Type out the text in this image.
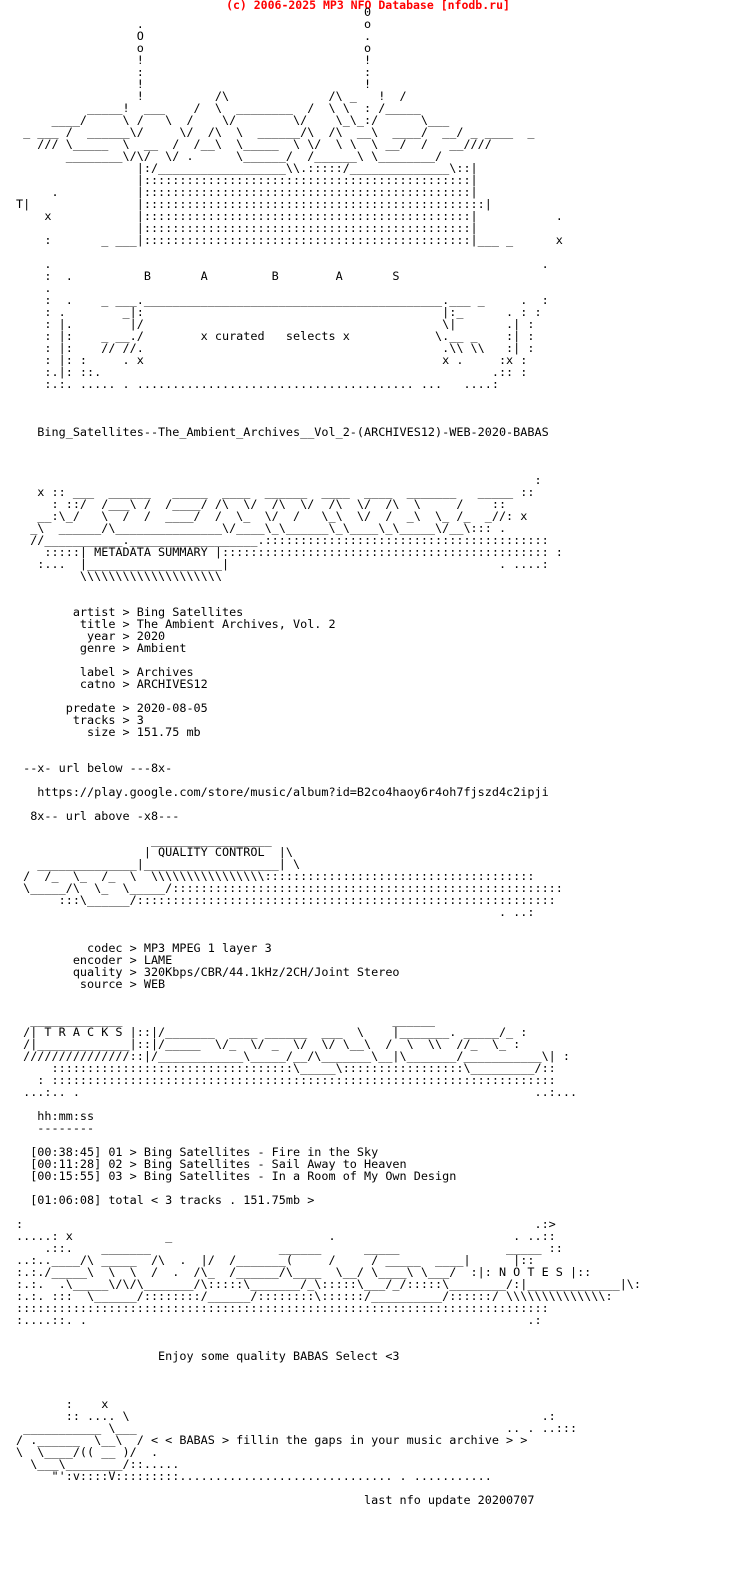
(c) 2006-2025 MP3 NFO Database [nfodb.ru]
0
.                               o
O                               .
o                               o
!                               !
:                               :
!                               !
!          /\              /\ _   !  /
_____!  ___    /  \  ________  /  \ \  : /_____
____/     \ /   \  /    \/        \/    \_\_:/      \___
_ ___ /  ______\/     \/  /\  \  ______/\  /\  __\  ____/  __/ _ ____  _
/// \_____  \  __  /  /__\  \_____  \ \/  \ \  \ __/  /   __////
________\/\/  \/ .      \______/  /______\ \________/
|:/__________________\\.:::::/______________\::|
|::::::::::::::::::::::::::::::::::::::::::::::|
.           |::::::::::::::::::::::::::::::::::::::::::::::|
T|               |::::::::::::::::::::::::::::::::::::::::::::::::|
x            |::::::::::::::::::::::::::::::::::::::::::::::|           .
|::::::::::::::::::::::::::::::::::::::::::::::|
:       _ ___|::::::::::::::::::::::::::::::::::::::::::::::|___ _      x

.                                                                     .
:  .          B       A         B        A       S
.
:  .    _ ___.__________________________________________.___ _     .  :
: .        _|:                                          |:_      . : :
: |.        |/                                          \|       .| :
: |:    _ __./        x curated   selects x            \.__ _    :| :
: |:    // //.                                          .\\ \\   :| :
: |: :     . x                                          x .     :x :
:.|: ::.                                                       .:: :
:.:. ..... . ....................................... ...   ....:

Bing_Satellites--The_Ambient_Archives__Vol_2-(ARCHIVES12)-WEB-2020-BABAS

:
x :: ___  ______   _____  ____  ______  ____  ____  _______   _____ ::
: ::/  /___\ /  /____/ /\  \/  /\  \/  /\  \/  /\  \     /    ::
__:\_/   \  /  /  ____/  /  \_  \/  /   \_\  \/  /  _\  \_ /_  _//: x
_\  ______/\_______________\/____\_\______\_\____\_\_____\/__\::: .
//___________.__________________.::::::::::::::::::::::::::::::::::::::::
:::::| METADATA SUMMARY |:::::::::::::::::::::::::::::::::::::::::::::: :
:...  |___________________|                                      . ....:
\\\\\\\\\\\\\\\\\\\\

artist > Bing Satellites
title > The Ambient Archives, Vol. 2
year > 2020
genre > Ambient

label > Archives
catno > ARCHIVES12

predate > 2020-08-05
tracks > 3
size > 151.75 mb

--x- url below ---8x-

https://play.google.com/store/music/album?id=B2co4haoy6r4oh7fjszd4c2ipji

8x-- url above -x8---

_________________
| QUALITY CONTROL  |\
______________|___________________| \
/  /_  \_  /_  \  \\\\\\\\\\\\\\\\::::::::::::::::::::::::::::::::::::::
\_____/\  \_  \_____/:::::::::::::::::::::::::::::::::::::::::::::::::::::::
:::\______/:::::::::::::::::::::::::::::::::::::::::::::::::::::::::::
. ..:

codec > MP3 MPEG 1 layer 3
encoder > LAME
quality > 320Kbps/CBR/44.1kHz/2CH/Joint Stereo
source > WEB

_____________                                      ______
/| T R A C K S |::|/_______  ____ ______  ___  \    |_______. _____/_ :
/|_____________|::|/_____  \/_  \/ _  \/  \/ \__\  /  \  \\  //_  \_ :
///////////////::|/____________\_____/__/\_______\__|\_______/___________\| :
::::::::::::::::::::::::::::::::::\_____\:::::::::::::::::\_________/::
: :::::::::::::::::::::::::::::::::::::::::::::::::::::::::::::::::::::::
...:.. .                                                                ..:...

hh:mm:ss
--------

[00:38:45] 01 > Bing Satellites - Fire in the Sky
[00:11:28] 02 > Bing Satellites - Sail Away to Heaven
[00:15:55] 03 > Bing Satellites - In a Room of My Own Design

[01:06:08] total < 3 tracks . 151.75mb >

:                                                                        .:>
.....: x             _                      .                         . ..::
.::.    _______                  ______      _____               _____ ::
..:..____/\ _____  /\  .  |/  /_______(     /     / _____  ____|      |::
:.:./_____\  \  \  /  .  /\_  /______/\____  \__/ \____\ \___/  :|: N O T E S |::
:.:.  .\_____\/\/\_______/\:::::\_______/_\:::::\___/_/:::::\________/:|_____________|\:
:.:. :::  \______/::::::::/______/::::::::\::::::/__________/::::::/ \\\\\\\\\\\\\\:
:::::::::::::::::::::::::::::::::::::::::::::::::::::::::::::::::::::::::::
:....::. .                                                              .:

Enjoy some quality BABAS Select <3

:    x
:: .... \                                                          .:
___________ \___                                                    .. . ..:::
/ .______  \__\  / < < BABAS > fillin the gaps in your music archive > >
\  \____/(( __ )/  .
\___\________/::.....
"':v::::V:::::::::.............................. . ...........

last nfo update 20200707
